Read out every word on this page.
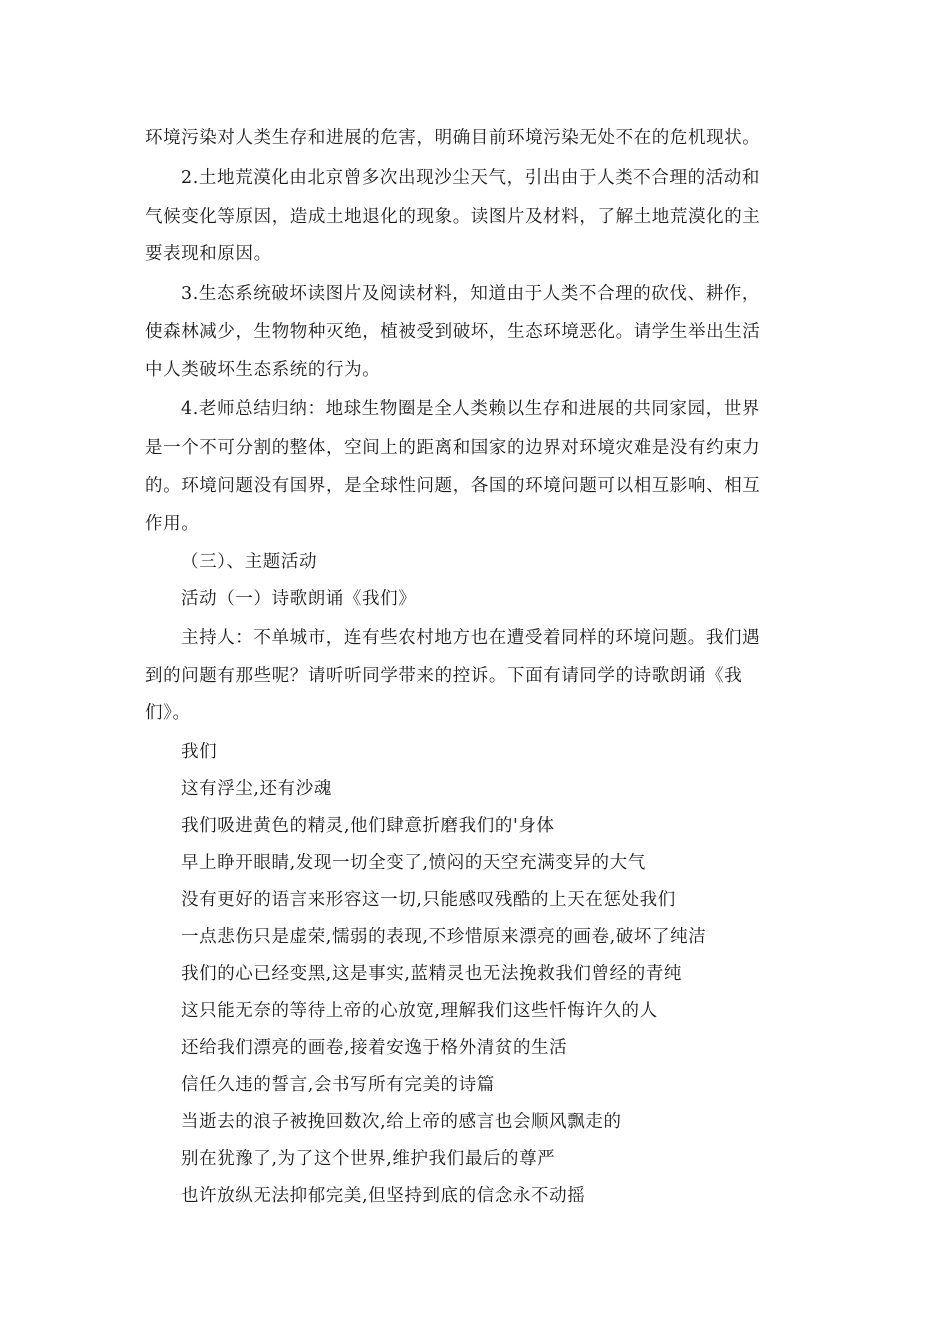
环境污染对人类生存和进展的危害，明确目前环境污染无处不在的危机现状。
2.土地荒漠化由北京曾多次出现沙尘天气，引出由于人类不合理的活动和
气候变化等原因，造成土地退化的现象。读图片及材料，了解土地荒漠化的主
要表现和原因。
3.生态系统破坏读图片及阅读材料，知道由于人类不合理的砍伐、耕作，
使森林减少，生物物种灭绝，植被受到破坏，生态环境恶化。请学生举出生活
中人类破坏生态系统的行为。
4.老师总结归纳：地球生物圈是全人类赖以生存和进展的共同家园，世界
是一个不可分割的整体，空间上的距离和国家的边界对环境灾难是没有约束力
的。环境问题没有国界，是全球性问题，各国的环境问题可以相互影响、相互
作用。
（三）、主题活动
活动（一）诗歌朗诵《我们》
主持人：不单城市，连有些农村地方也在遭受着同样的环境问题。我们遇
到的问题有那些呢？请听听同学带来的控诉。下面有请同学的诗歌朗诵《我
们》。
我们
这有浮尘,还有沙魂
我们吸进黄色的精灵,他们肆意折磨我们的'身体
早上睁开眼睛,发现一切全变了,愤闷的天空充满变异的大气
没有更好的语言来形容这一切,只能感叹残酷的上天在惩处我们
一点悲伤只是虚荣,懦弱的表现,不珍惜原来漂亮的画卷,破坏了纯洁
我们的心已经变黑,这是事实,蓝精灵也无法挽救我们曾经的青纯
这只能无奈的等待上帝的心放宽,理解我们这些忏悔许久的人
还给我们漂亮的画卷,接着安逸于格外清贫的生活
信任久违的誓言,会书写所有完美的诗篇
当逝去的浪子被挽回数次,给上帝的感言也会顺风飘走的
别在犹豫了,为了这个世界,维护我们最后的尊严
也许放纵无法抑郁完美,但坚持到底的信念永不动摇
